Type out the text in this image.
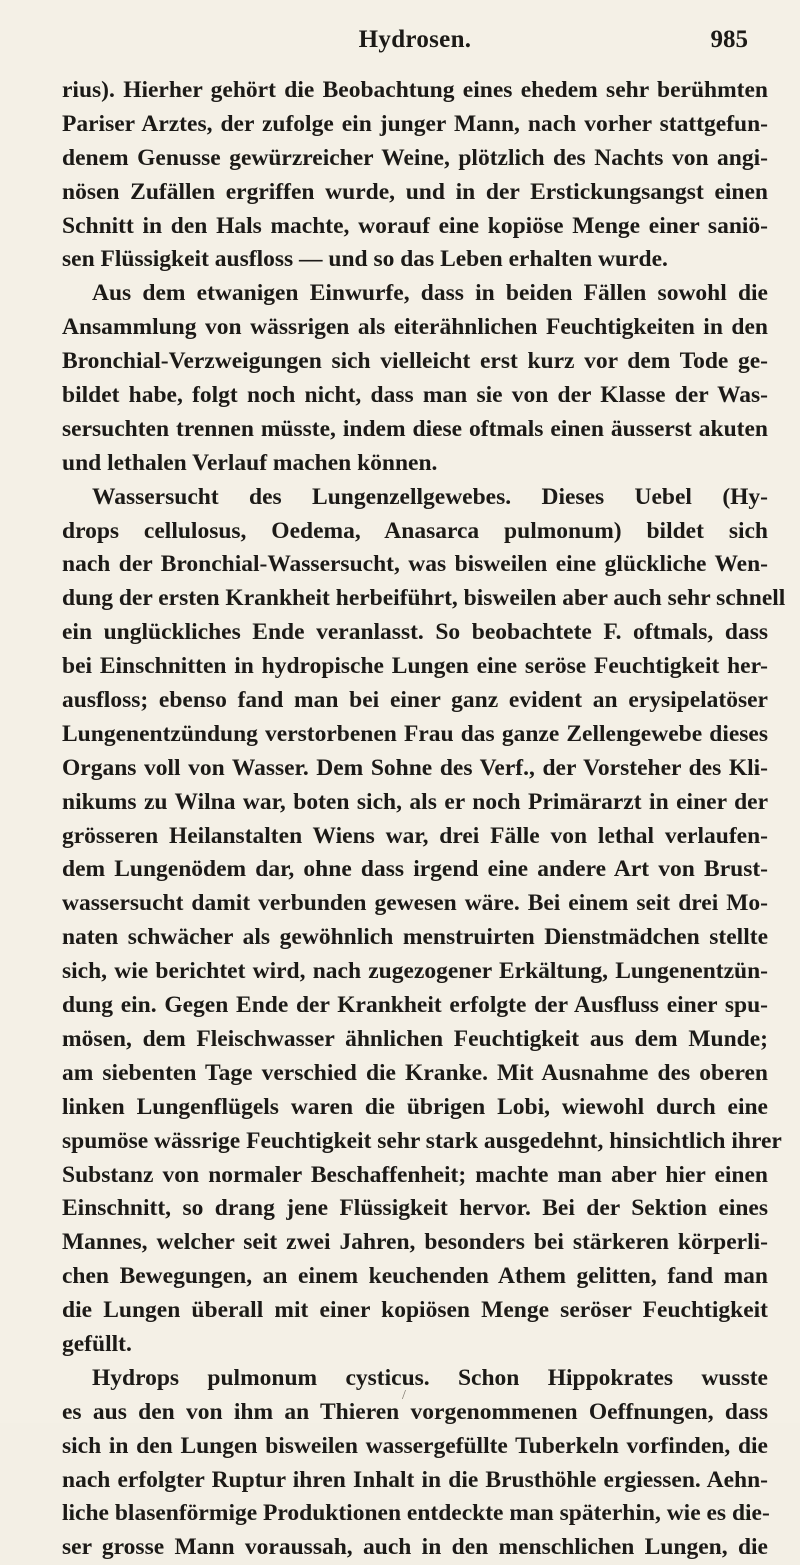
Hydrosen.	985
rius). Hierher gehört die Beobachtung eines ehedem sehr berühmten
Pariser Arztes, der zufolge ein junger Mann, nach vorher stattgefun-
denem Genusse gewürzreicher Weine, plötzlich des Nachts von angi-
nösen Zufällen ergriffen wurde, und in der Erstickungsangst einen
Schnitt in den Hals machte, worauf eine kopiöse Menge einer saniö-
sen Flüssigkeit ausfloss — und so das Leben erhalten wurde.
Aus dem etwanigen Einwurfe, dass in beiden Fällen sowohl die
Ansammlung von wässrigen als eiterähnlichen Feuchtigkeiten in den
Bronchial-Verzweigungen sich vielleicht erst kurz vor dem Tode ge-
bildet habe, folgt noch nicht, dass man sie von der Klasse der Was-
sersuchten trennen müsste, indem diese oftmals einen äusserst akuten
und lethalen Verlauf machen können.
Wassersucht des Lungenzellgewebes. Dieses Uebel (Hy-
drops cellulosus, Oedema, Anasarca pulmonum) bildet sich
nach der Bronchial-Wassersucht, was bisweilen eine glückliche Wen-
dung der ersten Krankheit herbeiführt, bisweilen aber auch sehr schnell
ein unglückliches Ende veranlasst. So beobachtete F. oftmals, dass
bei Einschnitten in hydropische Lungen eine seröse Feuchtigkeit her-
ausfloss; ebenso fand man bei einer ganz evident an erysipelatöser
Lungenentzündung verstorbenen Frau das ganze Zellengewebe dieses
Organs voll von Wasser. Dem Sohne des Verf., der Vorsteher des Kli-
nikums zu Wilna war, boten sich, als er noch Primärarzt in einer der
grösseren Heilanstalten Wiens war, drei Fälle von lethal verlaufen-
dem Lungenödem dar, ohne dass irgend eine andere Art von Brust-
wassersucht damit verbunden gewesen wäre. Bei einem seit drei Mo-
naten schwächer als gewöhnlich menstruirten Dienstmädchen stellte
sich, wie berichtet wird, nach zugezogener Erkältung, Lungenentzün-
dung ein. Gegen Ende der Krankheit erfolgte der Ausfluss einer spu-
mösen, dem Fleischwasser ähnlichen Feuchtigkeit aus dem Munde;
am siebenten Tage verschied die Kranke. Mit Ausnahme des oberen
linken Lungenflügels waren die übrigen Lobi, wiewohl durch eine
spumöse wässrige Feuchtigkeit sehr stark ausgedehnt, hinsichtlich ihrer
Substanz von normaler Beschaffenheit; machte man aber hier einen
Einschnitt, so drang jene Flüssigkeit hervor. Bei der Sektion eines
Mannes, welcher seit zwei Jahren, besonders bei stärkeren körperli-
chen Bewegungen, an einem keuchenden Athem gelitten, fand man
die Lungen überall mit einer kopiösen Menge seröser Feuchtigkeit
gefüllt.
Hydrops pulmonum cysticus. Schon Hippokrates wusste
es aus den von ihm an Thieren vorgenommenen Oeffnungen, dass
sich in den Lungen bisweilen wassergefüllte Tuberkeln vorfinden, die
nach erfolgter Ruptur ihren Inhalt in die Brusthöhle ergiessen. Aehn-
liche blasenförmige Produktionen entdeckte man späterhin, wie es die-
ser grosse Mann voraussah, auch in den menschlichen Lungen, die
/
